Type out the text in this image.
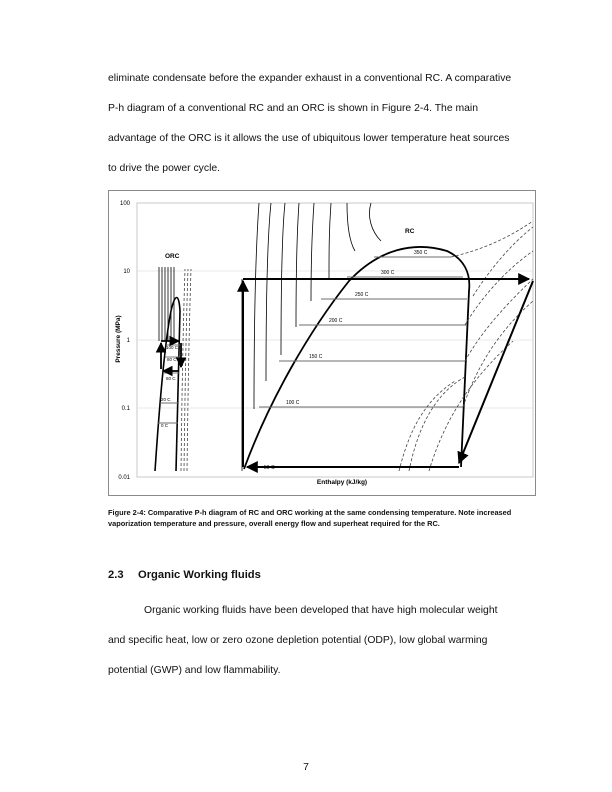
eliminate condensate before the expander exhaust in a conventional RC. A comparative

P-h diagram of a conventional RC and an ORC is shown in Figure 2-4. The main

advantage of the ORC is it allows the use of ubiquitous lower temperature heat sources

to drive the power cycle.

100
10
1
0.1
0.01
Pressure (MPa)
Enthalpy (kJ/kg)
350 C
300 C
250 C
200 C
150 C
100 C
50 C
RC
ORC
100 C
80 C
60 C
20 C
0 C

Figure 2-4: Comparative P-h diagram of RC and ORC working at the same condensing temperature. Note increased vaporization temperature and pressure, overall energy flow and superheat required for the RC.

2.3 Organic Working fluids

Organic working fluids have been developed that have high molecular weight

and specific heat, low or zero ozone depletion potential (ODP), low global warming

potential (GWP) and low flammability.

7
